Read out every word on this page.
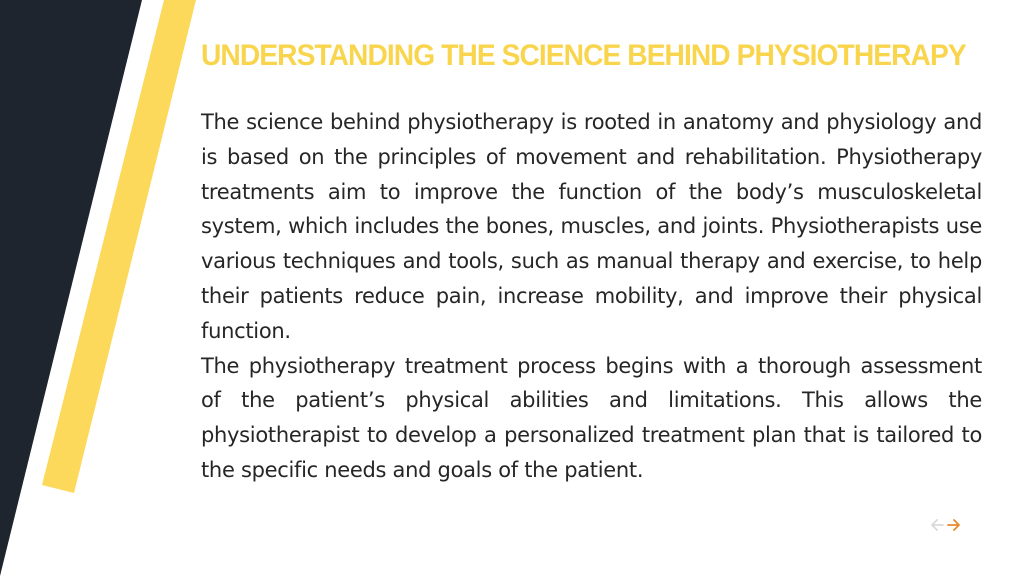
UNDERSTANDING THE SCIENCE BEHIND PHYSIOTHERAPY

The science behind physiotherapy is rooted in anatomy and physiology and is based on the principles of movement and rehabilitation. Physiotherapy treatments aim to improve the function of the body’s musculoskeletal system, which includes the bones, muscles, and joints. Physiotherapists use various techniques and tools, such as manual therapy and exercise, to help their patients reduce pain, increase mobility, and improve their physical function.

The physiotherapy treatment process begins with a thorough assessment of the patient’s physical abilities and limitations. This allows the physiotherapist to develop a personalized treatment plan that is tailored to the specific needs and goals of the patient.
